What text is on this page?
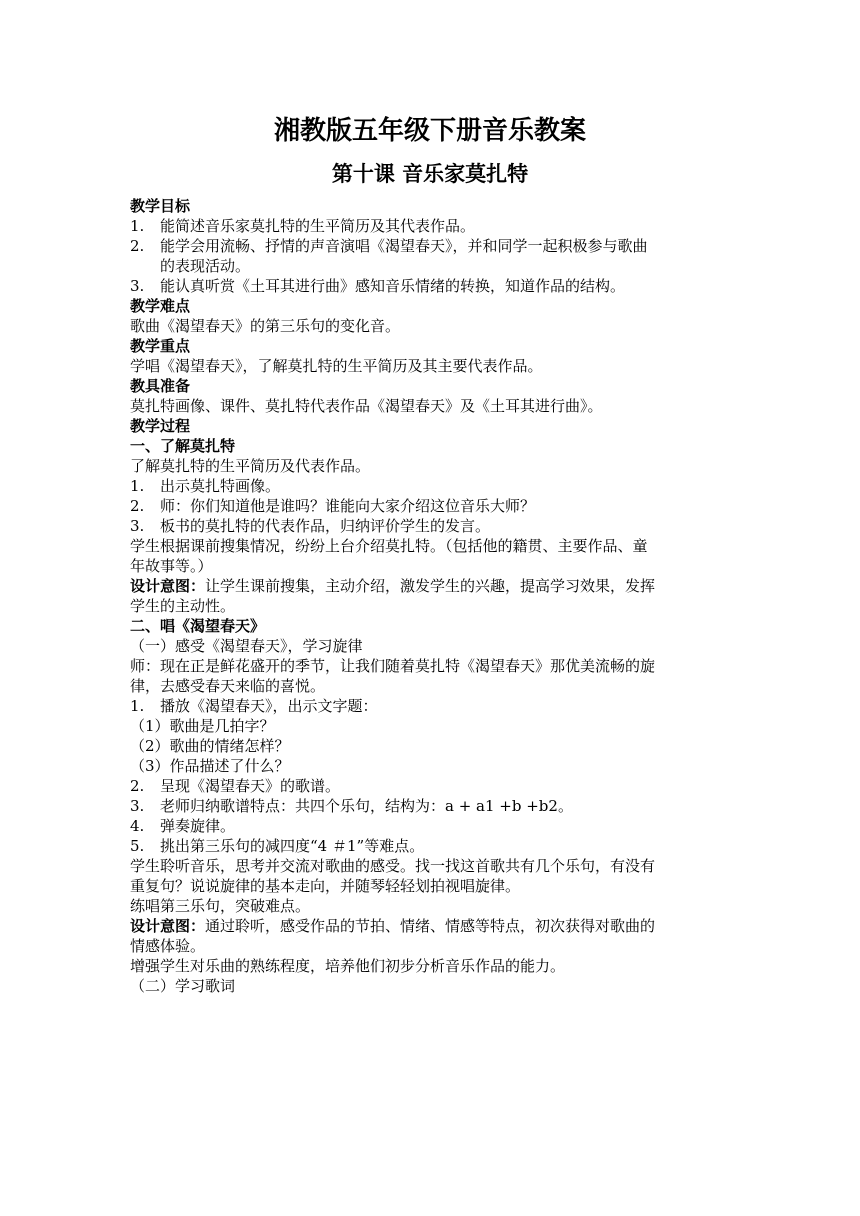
湘教版五年级下册音乐教案
第十课 音乐家莫扎特
教学目标
1. 能简述音乐家莫扎特的生平简历及其代表作品。
2. 能学会用流畅、抒情的声音演唱《渴望春天》，并和同学一起积极参与歌曲
的表现活动。
3. 能认真听赏《土耳其进行曲》感知音乐情绪的转换，知道作品的结构。
教学难点
歌曲《渴望春天》的第三乐句的变化音。
教学重点
学唱《渴望春天》，了解莫扎特的生平简历及其主要代表作品。
教具准备
莫扎特画像、课件、莫扎特代表作品《渴望春天》及《土耳其进行曲》。
教学过程
一、了解莫扎特
了解莫扎特的生平简历及代表作品。
1. 出示莫扎特画像。
2. 师：你们知道他是谁吗？谁能向大家介绍这位音乐大师？
3. 板书的莫扎特的代表作品，归纳评价学生的发言。
学生根据课前搜集情况，纷纷上台介绍莫扎特。（包括他的籍贯、主要作品、童
年故事等。）
设计意图：让学生课前搜集，主动介绍，激发学生的兴趣，提高学习效果，发挥
学生的主动性。
二、唱《渴望春天》
（一）感受《渴望春天》，学习旋律
师：现在正是鲜花盛开的季节，让我们随着莫扎特《渴望春天》那优美流畅的旋
律，去感受春天来临的喜悦。
1. 播放《渴望春天》，出示文字题：
（1）歌曲是几拍字？
（2）歌曲的情绪怎样？
（3）作品描述了什么？
2. 呈现《渴望春天》的歌谱。
3. 老师归纳歌谱特点：共四个乐句，结构为：a + a1 +b +b2。
4. 弹奏旋律。
5. 挑出第三乐句的减四度“4 ＃1”等难点。
学生聆听音乐，思考并交流对歌曲的感受。找一找这首歌共有几个乐句，有没有
重复句？说说旋律的基本走向，并随琴轻轻划拍视唱旋律。
练唱第三乐句，突破难点。
设计意图：通过聆听，感受作品的节拍、情绪、情感等特点，初次获得对歌曲的
情感体验。
增强学生对乐曲的熟练程度，培养他们初步分析音乐作品的能力。
（二）学习歌词
